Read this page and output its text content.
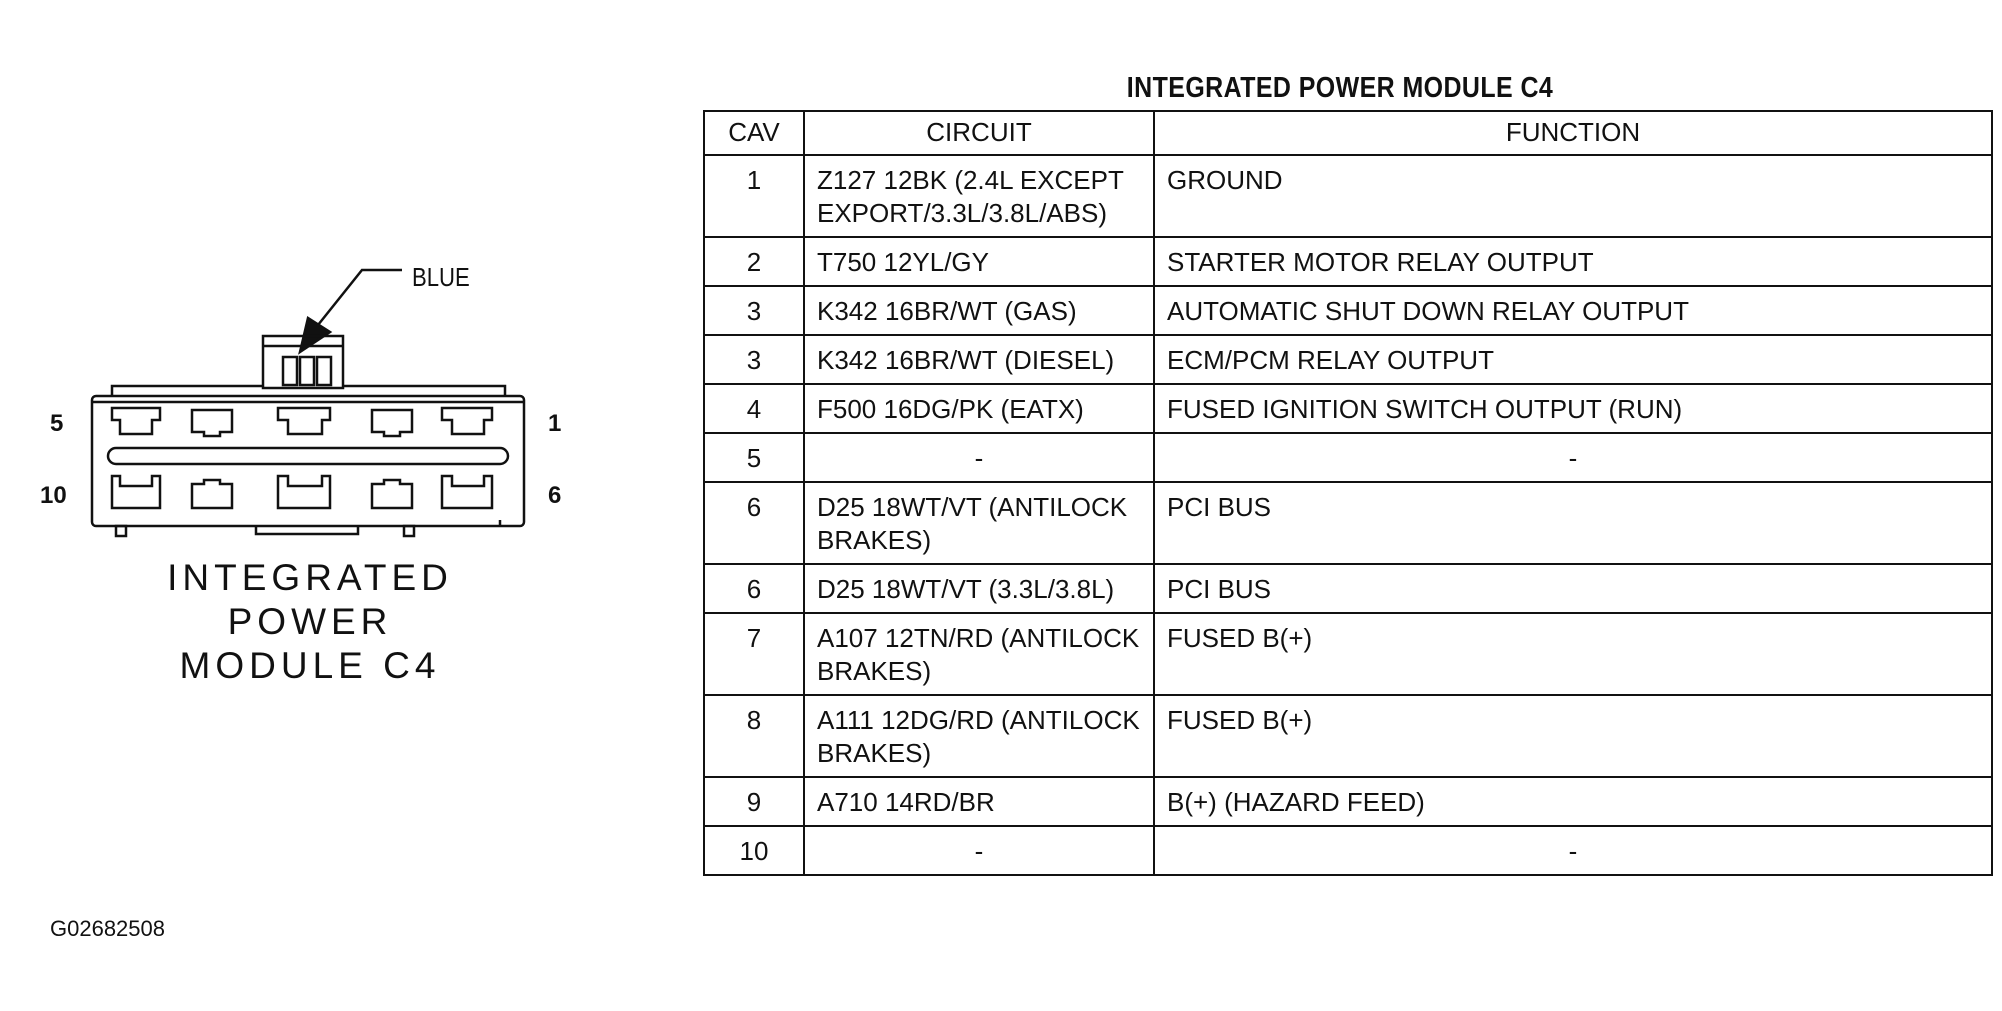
BLUE
5	1
10	6
INTEGRATED
POWER
MODULE C4
INTEGRATED POWER MODULE C4
CAV	CIRCUIT	FUNCTION
1	Z127 12BK (2.4L EXCEPT EXPORT/3.3L/3.8L/ABS)	GROUND
2	T750 12YL/GY	STARTER MOTOR RELAY OUTPUT
3	K342 16BR/WT (GAS)	AUTOMATIC SHUT DOWN RELAY OUTPUT
3	K342 16BR/WT (DIESEL)	ECM/PCM RELAY OUTPUT
4	F500 16DG/PK (EATX)	FUSED IGNITION SWITCH OUTPUT (RUN)
5	-	-
6	D25 18WT/VT (ANTILOCK BRAKES)	PCI BUS
6	D25 18WT/VT (3.3L/3.8L)	PCI BUS
7	A107 12TN/RD (ANTILOCK BRAKES)	FUSED B(+)
8	A111 12DG/RD (ANTILOCK BRAKES)	FUSED B(+)
9	A710 14RD/BR	B(+) (HAZARD FEED)
10	-	-
G02682508
